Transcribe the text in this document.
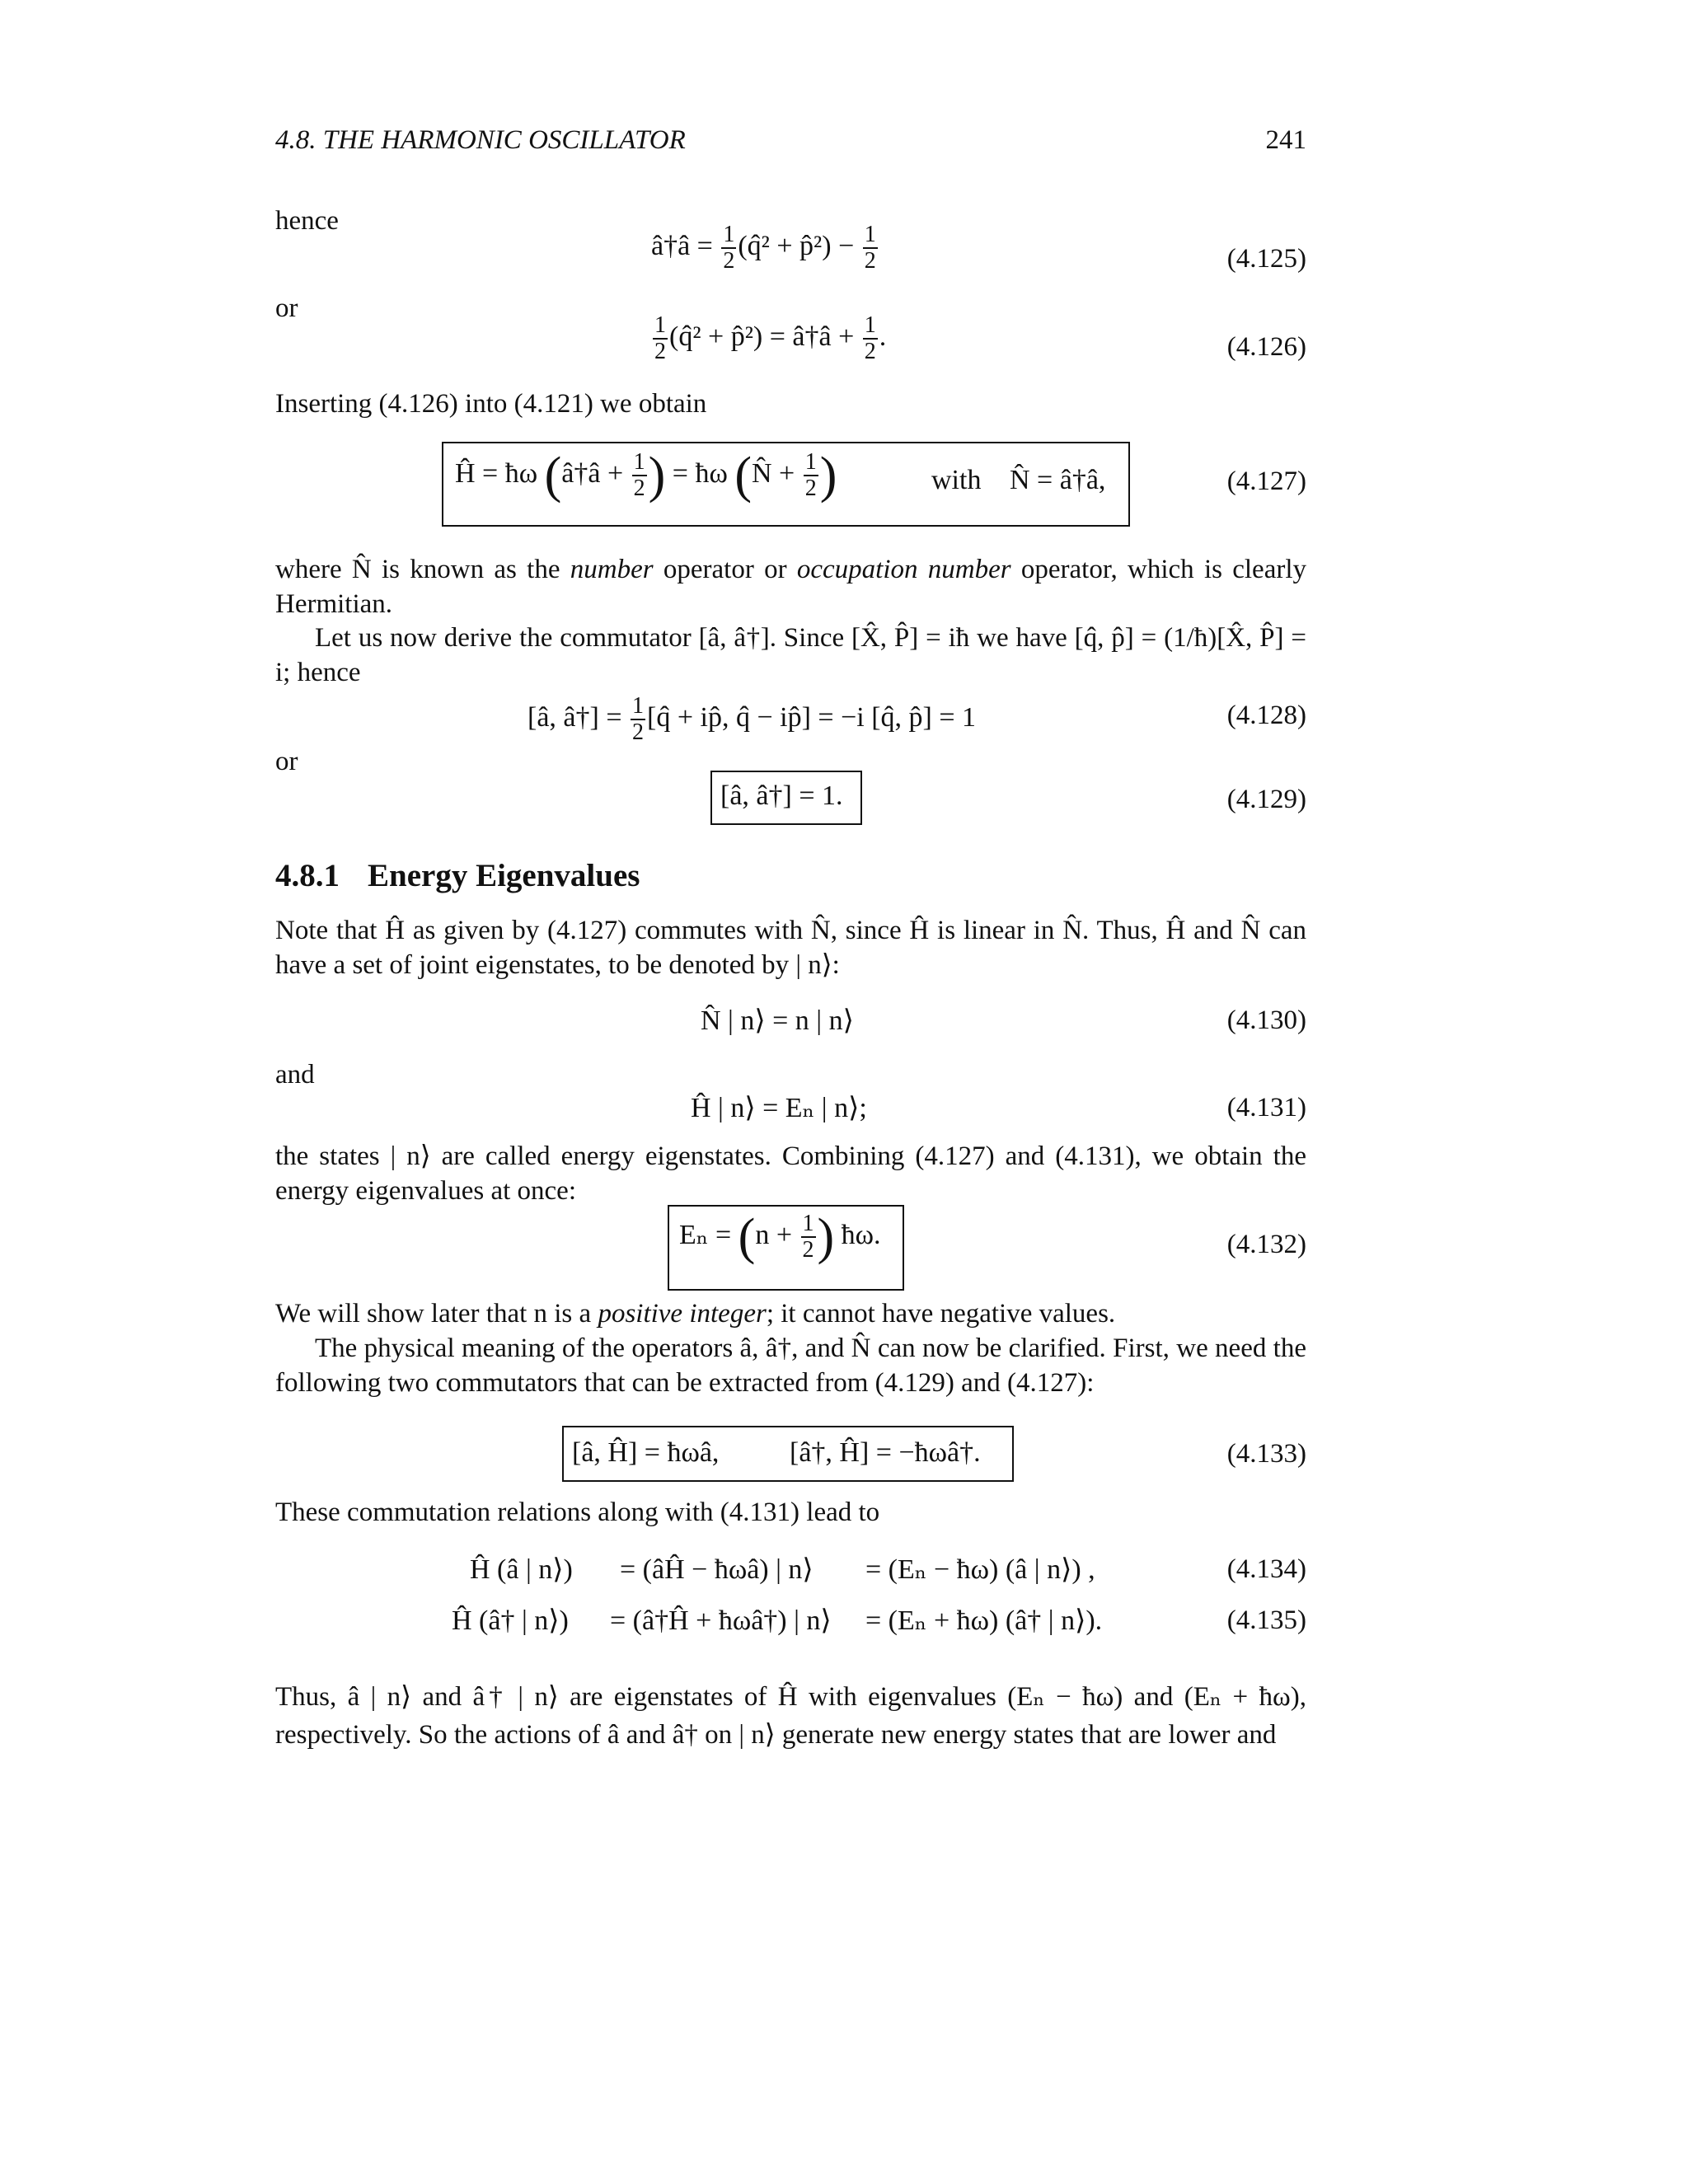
4.8. THE HARMONIC OSCILLATOR	241
hence
â†â = $\frac{1}{2}$ (q̂² + p̂²) − $\frac{1}{2}$	(4.125)
or
$\frac{1}{2}$ (q̂² + p̂²) = â†â + $\frac{1}{2}$ .	(4.126)
Inserting (4.126) into (4.121) we obtain
Ĥ = ħω (â†â + $\frac{1}{2}$ ) = ħω (N̂ + $\frac{1}{2}$ )	with N̂ = â†â,	(4.127)
where N̂ is known as the number operator or occupation number operator, which is clearly Hermitian.
Let us now derive the commutator [â, â†]. Since [X̂, P̂] = iħ we have [q̂, p̂] = (1/ħ)[X̂, P̂] = i; hence
[â, â†] = $\frac{1}{2}$ [q̂ + ip̂, q̂ − ip̂] = −i [q̂, p̂] = 1	(4.128)
or
[â, â†] = 1.	(4.129)
4.8.1 Energy Eigenvalues
Note that Ĥ as given by (4.127) commutes with N̂, since Ĥ is linear in N̂. Thus, Ĥ and N̂ can have a set of joint eigenstates, to be denoted by | n⟩:
N̂ | n⟩ = n | n⟩	(4.130)
and
Ĥ | n⟩ = Eₙ | n⟩;	(4.131)
the states | n⟩ are called energy eigenstates. Combining (4.127) and (4.131), we obtain the energy eigenvalues at once:
$E_n = (n + \frac{1}{2}$ ) ħω.	(4.132)
We will show later that n is a positive integer; it cannot have negative values.
The physical meaning of the operators â, â†, and N̂ can now be clarified. First, we need the following two commutators that can be extracted from (4.129) and (4.127):
[â, Ĥ] = ħωâ,	[â†, Ĥ] = −ħωâ†.	(4.133)
These commutation relations along with (4.131) lead to
Ĥ (â | n⟩) = (âĤ − ħωâ) | n⟩ = (Eₙ − ħω) (â | n⟩) ,	(4.134)
Ĥ (â† | n⟩) = (â†Ĥ + ħωâ†) | n⟩ = (Eₙ + ħω) (â† | n⟩).	(4.135)
Thus, â | n⟩ and â† | n⟩ are eigenstates of Ĥ with eigenvalues (Eₙ − ħω) and (Eₙ + ħω), respectively. So the actions of â and â† on | n⟩ generate new energy states that are lower and
